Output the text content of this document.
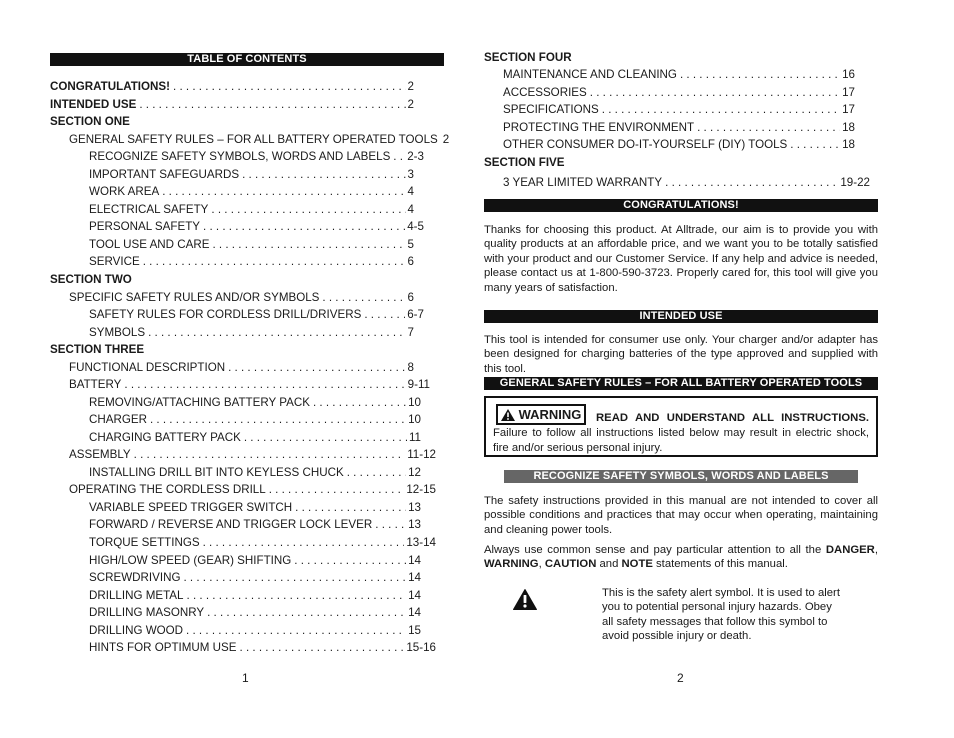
TABLE OF CONTENTS
CONGRATULATIONS! . . .	2
INTENDED USE . . .	2
SECTION ONE
GENERAL SAFETY RULES – FOR ALL BATTERY OPERATED TOOLS 2
RECOGNIZE SAFETY SYMBOLS, WORDS AND LABELS . . . 2-3
IMPORTANT SAFEGUARDS . . .	3
WORK AREA . . .	4
ELECTRICAL SAFETY . . .	4
PERSONAL SAFETY . . .	4-5
TOOL USE AND CARE . . .	5
SERVICE . . .	6
SECTION TWO
SPECIFIC SAFETY RULES AND/OR SYMBOLS . . .	6
SAFETY RULES FOR CORDLESS DRILL/DRIVERS . . .	6-7
SYMBOLS . . .	7
SECTION THREE
FUNCTIONAL DESCRIPTION . . .	8
BATTERY . . .	9-11
REMOVING/ATTACHING BATTERY PACK . . .	10
CHARGER . . .	10
CHARGING BATTERY PACK . . .	11
ASSEMBLY . . .	11-12
INSTALLING DRILL BIT INTO KEYLESS CHUCK . . .	12
OPERATING THE CORDLESS DRILL . . .	12-15
VARIABLE SPEED TRIGGER SWITCH . . .	13
FORWARD / REVERSE AND TRIGGER LOCK LEVER . . .	13
TORQUE SETTINGS . . .	13-14
HIGH/LOW SPEED (GEAR) SHIFTING . . .	14
SCREWDRIVING . . .	14
DRILLING METAL . . .	14
DRILLING MASONRY . . .	14
DRILLING WOOD . . .	15
HINTS FOR OPTIMUM USE . . .	15-16
1
SECTION FOUR
MAINTENANCE AND CLEANING . . .	16
ACCESSORIES . . .	17
SPECIFICATIONS . . .	17
PROTECTING THE ENVIRONMENT . . .	18
OTHER CONSUMER DO-IT-YOURSELF (DIY) TOOLS . . .	18
SECTION FIVE
3 YEAR LIMITED WARRANTY . . .	19-22
CONGRATULATIONS!
Thanks for choosing this product. At Alltrade, our aim is to provide you with quality products at an affordable price, and we want you to be totally satisfied with your product and our Customer Service. If any help and advice is needed, please contact us at 1-800-590-3723. Properly cared for, this tool will give you many years of satisfaction.
INTENDED USE
This tool is intended for consumer use only. Your charger and/or adapter has been designed for charging batteries of the type approved and supplied with this tool.
GENERAL SAFETY RULES – FOR ALL BATTERY OPERATED TOOLS
READ AND UNDERSTAND ALL INSTRUCTIONS. Failure to follow all instructions listed below may result in electric shock, fire and/or serious personal injury.
WARNING
RECOGNIZE SAFETY SYMBOLS, WORDS AND LABELS
The safety instructions provided in this manual are not intended to cover all possible conditions and practices that may occur when operating, maintaining and cleaning power tools.
Always use common sense and pay particular attention to all the DANGER, WARNING, CAUTION and NOTE statements of this manual.
This is the safety alert symbol. It is used to alert you to potential personal injury hazards. Obey all safety messages that follow this symbol to avoid possible injury or death.
2
